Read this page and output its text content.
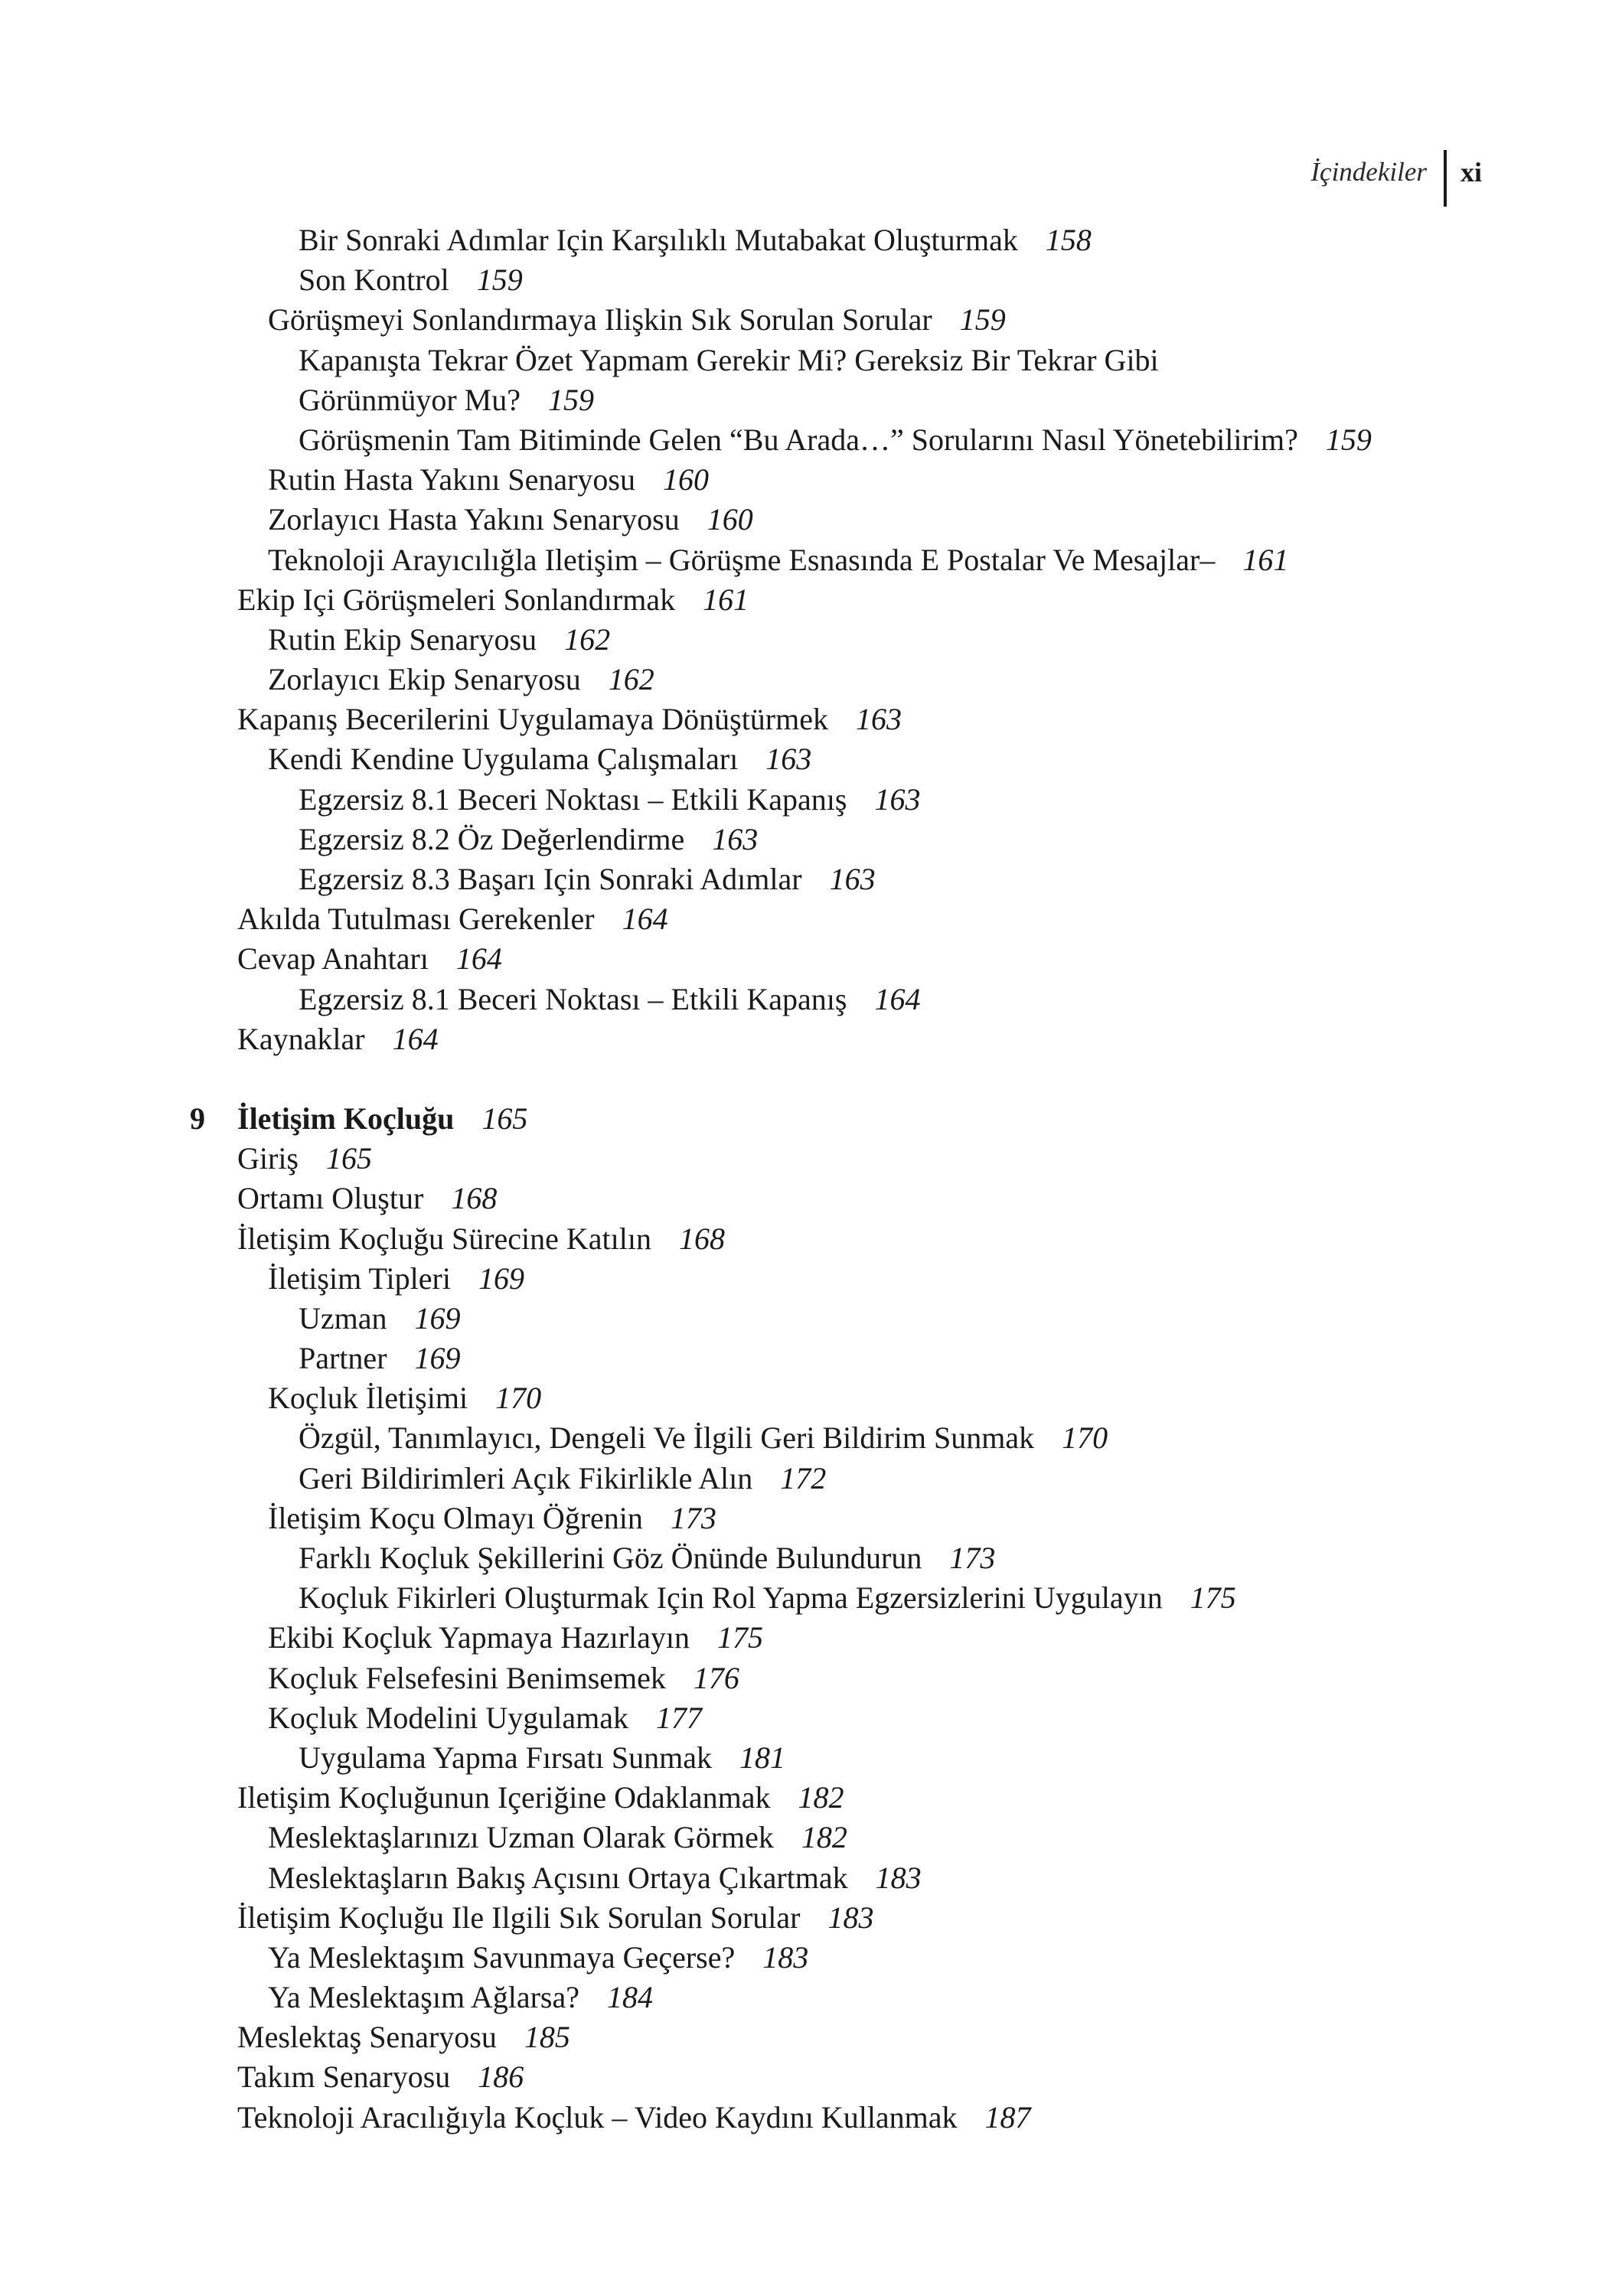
İçindekiler xi
Bir Sonraki Adımlar Için Karşılıklı Mutabakat Oluşturmak 158
Son Kontrol 159
Görüşmeyi Sonlandırmaya Ilişkin Sık Sorulan Sorular 159
Kapanışta Tekrar Özet Yapmam Gerekir Mi? Gereksiz Bir Tekrar Gibi
Görünmüyor Mu? 159
Görüşmenin Tam Bitiminde Gelen “Bu Arada…” Sorularını Nasıl Yönetebilirim? 159
Rutin Hasta Yakını Senaryosu 160
Zorlayıcı Hasta Yakını Senaryosu 160
Teknoloji Arayıcılığla Iletişim – Görüşme Esnasında E Postalar Ve Mesajlar– 161
Ekip Içi Görüşmeleri Sonlandırmak 161
Rutin Ekip Senaryosu 162
Zorlayıcı Ekip Senaryosu 162
Kapanış Becerilerini Uygulamaya Dönüştürmek 163
Kendi Kendine Uygulama Çalışmaları 163
Egzersiz 8.1 Beceri Noktası – Etkili Kapanış 163
Egzersiz 8.2 Öz Değerlendirme 163
Egzersiz 8.3 Başarı Için Sonraki Adımlar 163
Akılda Tutulması Gerekenler 164
Cevap Anahtarı 164
Egzersiz 8.1 Beceri Noktası – Etkili Kapanış 164
Kaynaklar 164
9 İletişim Koçluğu 165
Giriş 165
Ortamı Oluştur 168
İletişim Koçluğu Sürecine Katılın 168
İletişim Tipleri 169
Uzman 169
Partner 169
Koçluk İletişimi 170
Özgül, Tanımlayıcı, Dengeli Ve İlgili Geri Bildirim Sunmak 170
Geri Bildirimleri Açık Fikirlikle Alın 172
İletişim Koçu Olmayı Öğrenin 173
Farklı Koçluk Şekillerini Göz Önünde Bulundurun 173
Koçluk Fikirleri Oluşturmak Için Rol Yapma Egzersizlerini Uygulayın 175
Ekibi Koçluk Yapmaya Hazırlayın 175
Koçluk Felsefesini Benimsemek 176
Koçluk Modelini Uygulamak 177
Uygulama Yapma Fırsatı Sunmak 181
Iletişim Koçluğunun Içeriğine Odaklanmak 182
Meslektaşlarınızı Uzman Olarak Görmek 182
Meslektaşların Bakış Açısını Ortaya Çıkartmak 183
İletişim Koçluğu Ile Ilgili Sık Sorulan Sorular 183
Ya Meslektaşım Savunmaya Geçerse? 183
Ya Meslektaşım Ağlarsa? 184
Meslektaş Senaryosu 185
Takım Senaryosu 186
Teknoloji Aracılığıyla Koçluk – Video Kaydını Kullanmak 187
